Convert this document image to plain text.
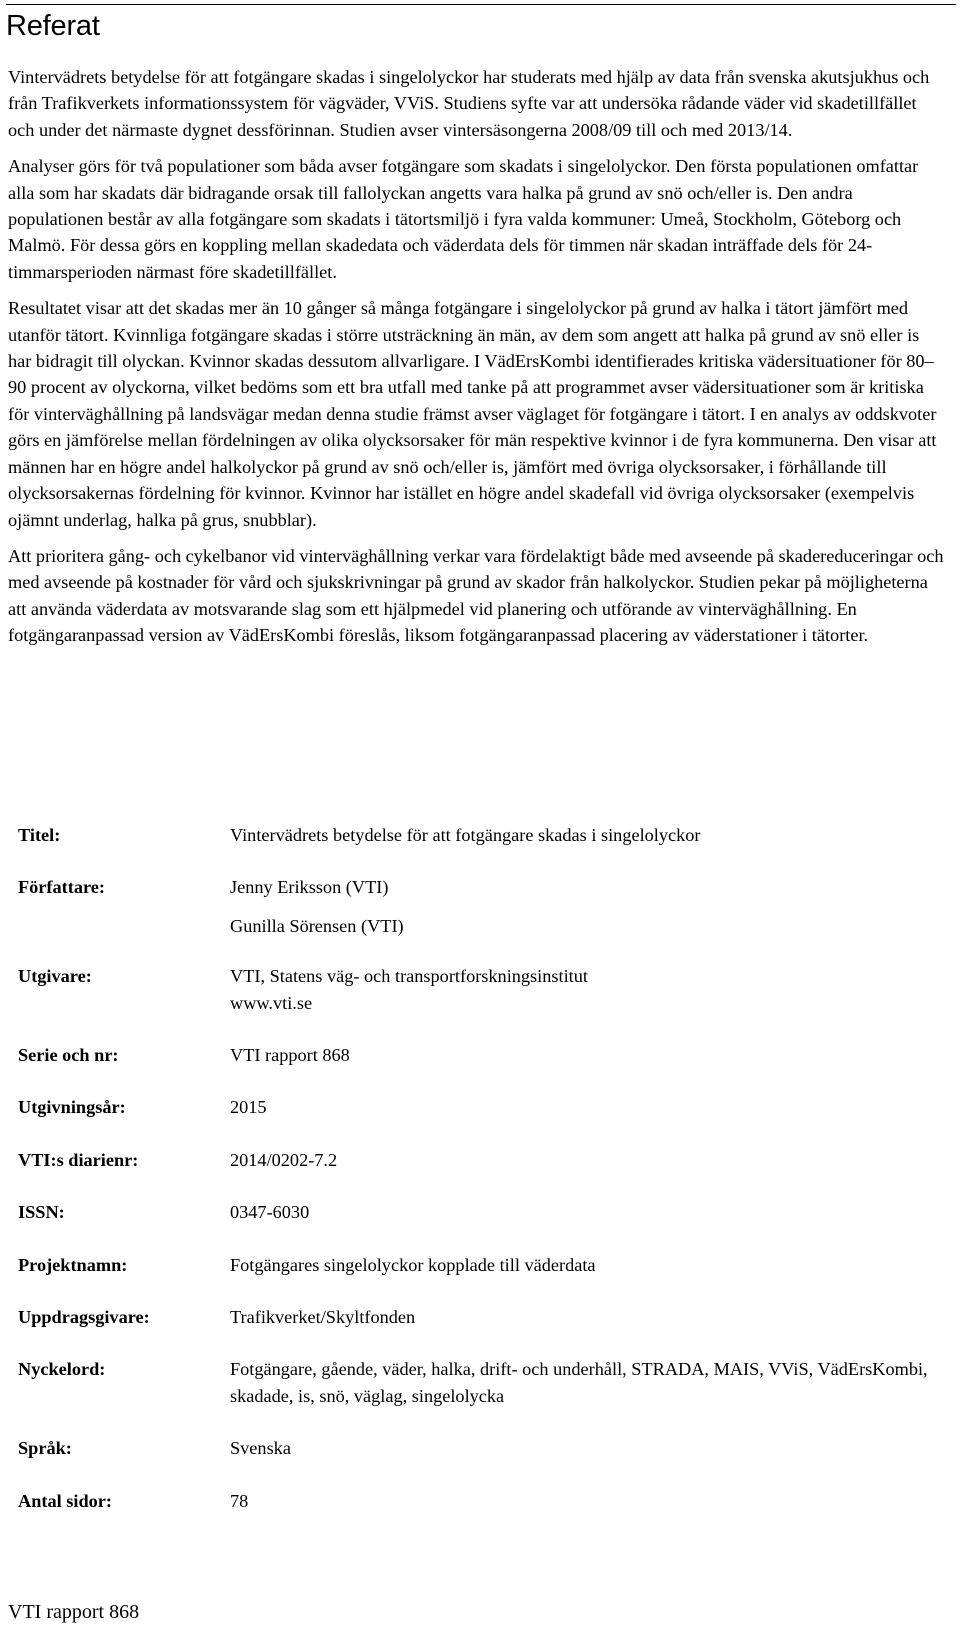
Referat

Vintervädrets betydelse för att fotgängare skadas i singelolyckor har studerats med hjälp av data från svenska akutsjukhus och från Trafikverkets informationssystem för vägväder, VViS. Studiens syfte var att undersöka rådande väder vid skadetillfället och under det närmaste dygnet dessförinnan. Studien avser vintersäsongerna 2008/09 till och med 2013/14.

Analyser görs för två populationer som båda avser fotgängare som skadats i singelolyckor. Den första populationen omfattar alla som har skadats där bidragande orsak till fallolyckan angetts vara halka på grund av snö och/eller is. Den andra populationen består av alla fotgängare som skadats i tätortsmiljö i fyra valda kommuner: Umeå, Stockholm, Göteborg och Malmö. För dessa görs en koppling mellan skadedata och väderdata dels för timmen när skadan inträffade dels för 24-timmarsperioden närmast före skadetillfället.

Resultatet visar att det skadas mer än 10 gånger så många fotgängare i singelolyckor på grund av halka i tätort jämfört med utanför tätort. Kvinnliga fotgängare skadas i större utsträckning än män, av dem som angett att halka på grund av snö eller is har bidragit till olyckan. Kvinnor skadas dessutom allvarligare. I VädErsKombi identifierades kritiska vädersituationer för 80–90 procent av olyckorna, vilket bedöms som ett bra utfall med tanke på att programmet avser vädersituationer som är kritiska för vinterväghållning på landsvägar medan denna studie främst avser väglaget för fotgängare i tätort. I en analys av oddskvoter görs en jämförelse mellan fördelningen av olika olycksorsaker för män respektive kvinnor i de fyra kommunerna. Den visar att männen har en högre andel halkolyckor på grund av snö och/eller is, jämfört med övriga olycksorsaker, i förhållande till olycksorsakernas fördelning för kvinnor. Kvinnor har istället en högre andel skadefall vid övriga olycksorsaker (exempelvis ojämnt underlag, halka på grus, snubblar).

Att prioritera gång- och cykelbanor vid vinterväghållning verkar vara fördelaktigt både med avseende på skadereduceringar och med avseende på kostnader för vård och sjukskrivningar på grund av skador från halkolyckor. Studien pekar på möjligheterna att använda väderdata av motsvarande slag som ett hjälpmedel vid planering och utförande av vinterväghållning. En fotgängaranpassad version av VädErsKombi föreslås, liksom fotgängaranpassad placering av väderstationer i tätorter.

Titel:	Vintervädrets betydelse för att fotgängare skadas i singelolyckor
Författare:	Jenny Eriksson (VTI)
Gunilla Sörensen (VTI)
Utgivare:	VTI, Statens väg- och transportforskningsinstitut
www.vti.se
Serie och nr:	VTI rapport 868
Utgivningsår:	2015
VTI:s diarienr:	2014/0202-7.2
ISSN:	0347-6030
Projektnamn:	Fotgängares singelolyckor kopplade till väderdata
Uppdragsgivare:	Trafikverket/Skyltfonden
Nyckelord:	Fotgängare, gående, väder, halka, drift- och underhåll, STRADA, MAIS, VViS, VädErsKombi, skadade, is, snö, väglag, singelolycka
Språk:	Svenska
Antal sidor:	78
VTI rapport 868
